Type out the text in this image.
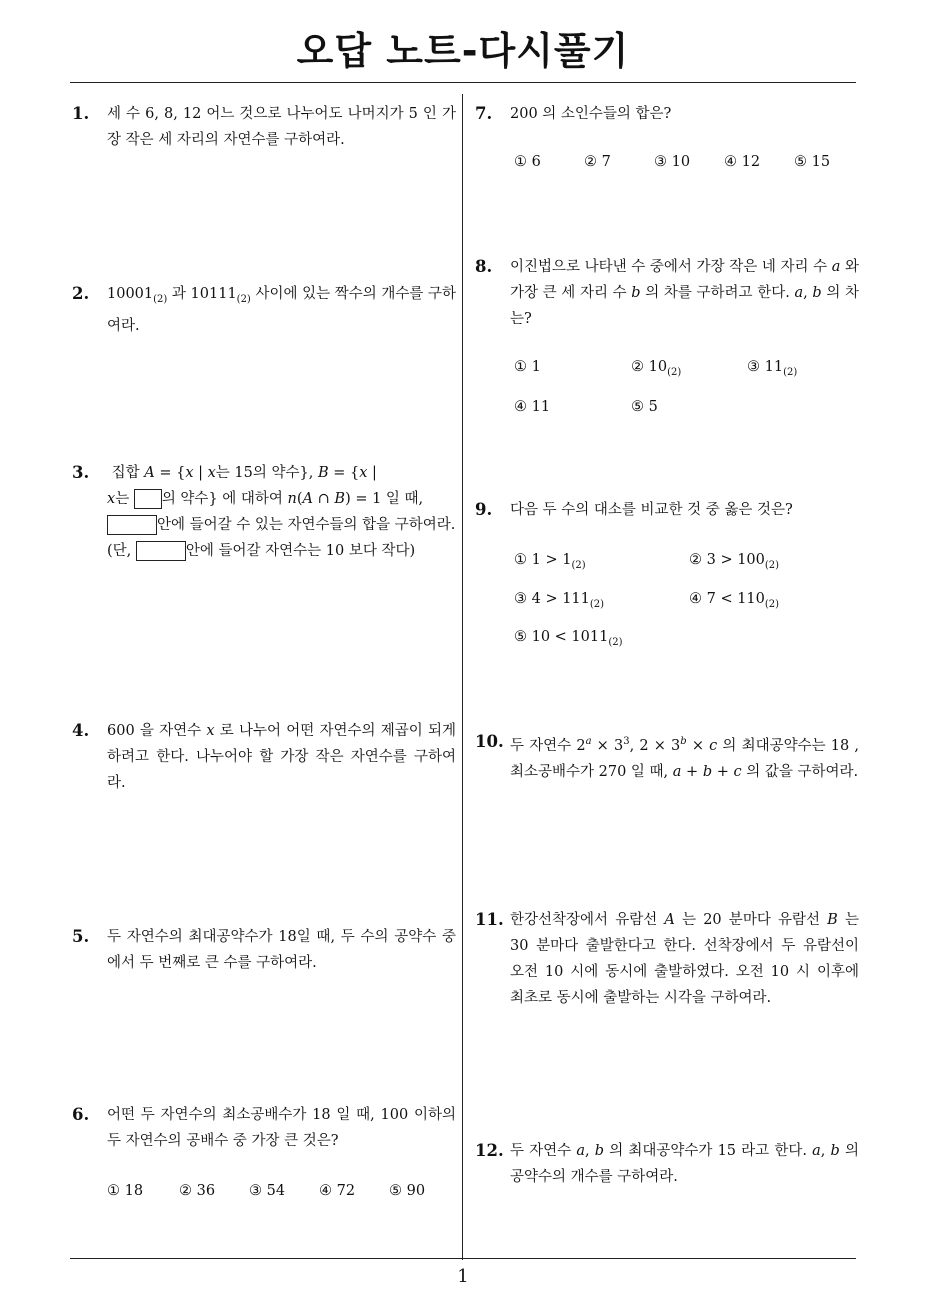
오답 노트-다시풀기
1
1. 세 수 6, 8, 12 어느 것으로 나누어도 나머지가 5 인 가장 작은 세 자리의 자연수를 구하여라.
2. $10001_{(2)}$ 과 $10111_{(2)}$ 사이에 있는 짝수의 개수를 구하여라.
3.	집합 A = {x | x는 15의 약수}, B = {x |
x는 의 약수} 에 대하여 n(A ∩ B) = 1 일 때,
안에 들어갈 수 있는 자연수들의 합을 구하여라.
(단,	안에 들어갈 자연수는 10 보다 작다)
4. 600 을 자연수 x 로 나누어 어떤 자연수의 제곱이 되게 하려고 한다. 나누어야 할 가장 작은 자연수를 구하여라.
5. 두 자연수의 최대공약수가 18일 때, 두 수의 공약수 중에서 두 번째로 큰 수를 구하여라.
6. 어떤 두 자연수의 최소공배수가 18 일 때, 100 이하의 두 자연수의 공배수 중 가장 큰 것은?
① 18 ② 36 ③ 54 ④ 72 ⑤ 90
7. 200 의 소인수들의 합은?
① 6	② 7	③ 10 ④ 12 ⑤ 15
8. 이진법으로 나타낸 수 중에서 가장 작은 네 자리 수 a 와 가장 큰 세 자리 수 b 의 차를 구하려고 한다. a, b 의 차는?
① 1	② $10_{(2)}$	③ $11_{(2)}$
④ 11	⑤ 5
9. 다음 두 수의 대소를 비교한 것 중 옳은 것은?
① $1 > 1_{(2)}$	② $3 > 100_{(2)}$
③ $4 > 111_{(2)}$	④ $7 < 110_{(2)}$
⑤ $10 < 1011_{(2)}$
10. 두 자연수 $2^a \times 3^3$, $2 \times 3^b \times c$ 의 최대공약수는 18 , 최소공배수가 270 일 때, a + b + c 의 값을 구하여라.
11. 한강선착장에서 유람선 A 는 20 분마다 유람선 B 는 30 분마다 출발한다고 한다. 선착장에서 두 유람선이 오전 10 시에 동시에 출발하였다. 오전 10 시 이후에 최초로 동시에 출발하는 시각을 구하여라.
12. 두 자연수 a, b 의 최대공약수가 15 라고 한다. a, b 의 공약수의 개수를 구하여라.
